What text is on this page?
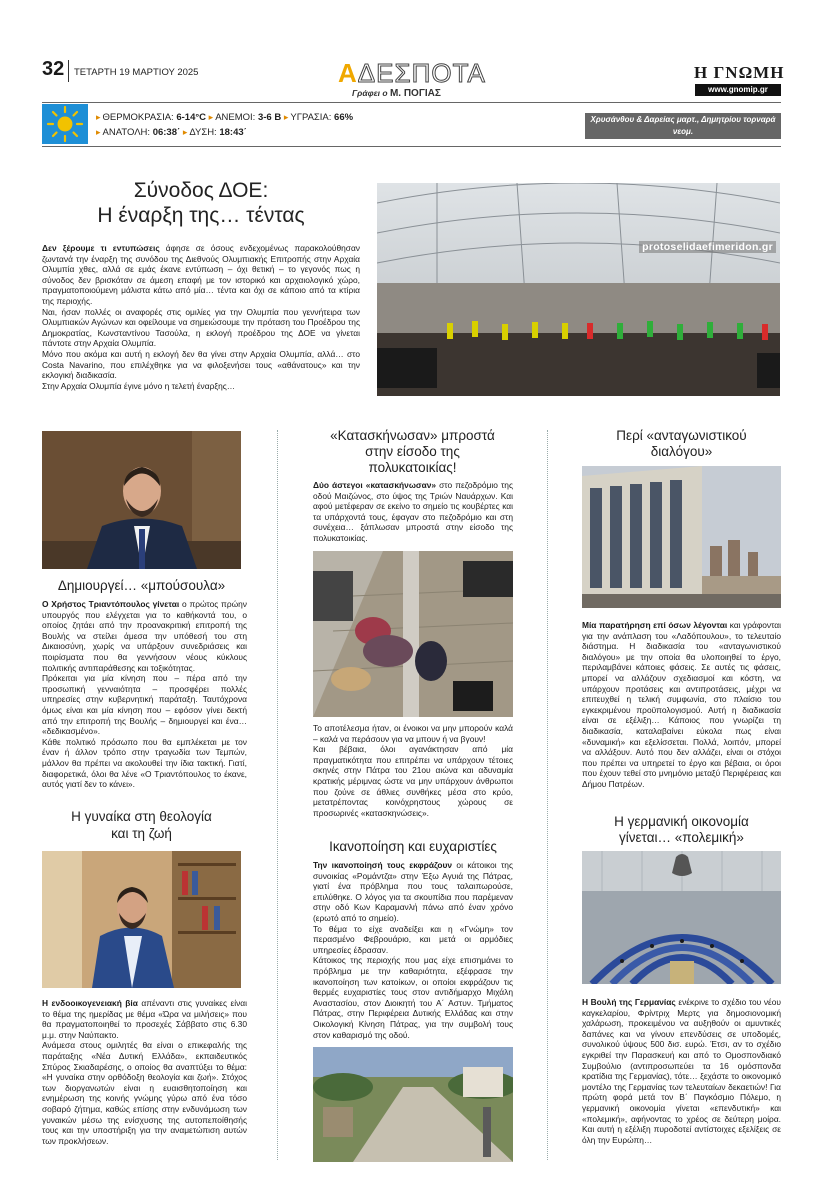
32 ΤΕΤΑΡΤΗ 19 ΜΑΡΤΙΟΥ 2025	ΑΔΕΣΠΟΤΑ
Γράφει ο Μ. ΠΟΓΙΑΣ
Η ΓΝΩΜΗ
www.gnomip.gr
▸ ΘΕΡΜΟΚΡΑΣΙΑ: 6-14°C ▸ ΑΝΕΜΟΙ: 3-6 Β ▸ ΥΓΡΑΣΙΑ: 66%
▸ ΑΝΑΤΟΛΗ: 06:38΄ ▸ ΔΥΣΗ: 18:43΄
Χρυσάνθου & Δαρείας μαρτ., Δημητρίου τορναρά νεομ.
Σύνοδος ΔΟΕ:
Η έναρξη της… τέντας

Δεν ξέρουμε τι εντυπώσεις άφησε σε όσους ενδεχομένως παρακολούθησαν ζωντανά την έναρξη της συνόδου της Διεθνούς Ολυμπιακής Επιτροπής στην Αρχαία Ολυμπία χθες, αλλά σε εμάς έκανε εντύπωση – όχι θετική – το γεγονός πως η σύνοδος δεν βρισκόταν σε άμεση επαφή με τον ιστορικό και αρχαιολογικό χώρο, πραγματοποιούμενη μάλιστα κάτω από μία… τέντα και όχι σε κάποιο από τα κτίρια της περιοχής.

Ναι, ήσαν πολλές οι αναφορές στις ομιλίες για την Ολυμπία που γεννήτειρα των Ολυμπιακών Αγώνων και οφείλουμε να σημειώσουμε την πρόταση του Προέδρου της Δημοκρατίας, Κωνσταντίνου Τασούλα, η εκλογή προέδρου της ΔΟΕ να γίνεται πάντοτε στην Αρχαία Ολυμπία.

Μόνο που ακόμα και αυτή η εκλογή δεν θα γίνει στην Αρχαία Ολυμπία, αλλά… στο Costa Navarino, που επιλέχθηκε για να φιλοξενήσει τους «αθάνατους» και την εκλογική διαδικασία.

Στην Αρχαία Ολυμπία έγινε μόνο η τελετή έναρξης…

protoselidaefimeridon.gr
Δημιουργεί… «μπούσουλα»

Ο Χρήστος Τριαντόπουλος γίνεται ο πρώτος πρώην υπουργός που ελέγχεται για το καθήκοντά του, ο οποίος ζητάει από την προανακριτική επιτροπή της Βουλής να στείλει άμεσα την υπόθεσή του στη Δικαιοσύνη, χωρίς να υπάρξουν συνεδριάσεις και ποιρίσματα που θα γεννήσουν νέους κύκλους πολιτικής αντιπαράθεσης και τοξικότητας.

Πρόκειται για μία κίνηση που – πέρα από την προσωπική γενναιότητα – προσφέρει πολλές υπηρεσίες στην κυβερνητική παράταξη. Ταυτόχρονα όμως είναι και μία κίνηση που – εφόσον γίνει δεκτή από την επιτροπή της Βουλής – δημιουργεί και ένα… «δεδικασμένο».

Κάθε πολιτικό πρόσωπο που θα εμπλέκεται με τον έναν ή άλλον τρόπο στην τραγωδία των Τεμπών, μάλλον θα πρέπει να ακολουθεί την ίδια τακτική. Γιατί, διαφορετικά, όλοι θα λένε «Ο Τριαντόπουλος το έκανε, αυτός γιατί δεν το κάνει».

Η γυναίκα στη θεολογία
και τη ζωή

Η ενδοοικογενειακή βία απέναντι στις γυναίκες είναι το θέμα της ημερίδας με θέμα «Ώρα να μιλήσεις» που θα πραγματοποιηθεί το προσεχές Σάββατο στις 6.30 μ.μ. στην Ναύπακτο.

Ανάμεσα στους ομιλητές θα είναι ο επικεφαλής της παράταξης «Νέα Δυτική Ελλάδα», εκπαιδευτικός Σπύρος Σκιαδαρέσης, ο οποίος θα αναπτύξει το θέμα: «Η γυναίκα στην ορθόδοξη θεολογία και ζωή». Στόχος των διοργανωτών είναι η ευαισθητοποίηση και ενημέρωση της κοινής γνώμης γύρω από ένα τόσο σοβαρό ζήτημα, καθώς επίσης στην ενδυνάμωση των γυναικών μέσω της ενίσχυσης της αυτοπεποίθησής τους και την υποστήριξη για την αναμετώπιση αυτών των προκλήσεων.

«Κατασκήνωσαν» μπροστά
στην είσοδο της
πολυκατοικίας!

Δύο άστεγοι «κατασκήνωσαν» στο πεζοδρόμιο της οδού Μαιζώνος, στο ύψος της Τριών Ναυάρχων. Και αφού μετέφεραν σε εκείνο το σημείο τις κουβέρτες και τα υπάρχοντά τους, έφαγαν στο πεζοδρόμιο και στη συνέχεια… ξάπλωσαν μπροστά στην είσοδο της πολυκατοικίας.

Το αποτέλεσμα ήταν, οι ένοικοι να μην μπορούν καλά – καλά να περάσουν για να μπουν ή να βγουν!

Και βέβαια, όλοι αγανάκτησαν από μία πραγματικότητα που επιτρέπει να υπάρχουν τέτοιες σκηνές στην Πάτρα του 21ου αιώνα και αδυναμία κρατικής μέριμνας ώστε να μην υπάρχουν άνθρωποι που ζούνε σε άθλιες συνθήκες μέσα στο κρύο, μετατρέποντας κοινόχρηστους χώρους σε προσωρινές «κατασκηνώσεις».

Ικανοποίηση και ευχαριστίες

Την ικανοποίησή τους εκφράζουν οι κάτοικοι της συνοικίας «Ρομάντζα» στην Έξω Αγυιά της Πάτρας, γιατί ένα πρόβλημα που τους ταλαιπωρούσε, επιλύθηκε. Ο λόγος για τα σκουπίδια που παρέμεναν στην οδό Κων Καραμανλή πάνω από έναν χρόνο (ερωτό από το σημείο).

Το θέμα το είχε αναδείξει και η «Γνώμη» τον περασμένο Φεβρουάριο, και μετά οι αρμόδιες υπηρεσίες έδρασαν.

Κάτοικος της περιοχής που μας είχε επισημάνει το πρόβλημα με την καθαριότητα, εξέφρασε την ικανοποίηση των κατοίκων, οι οποίοι εκφράζουν τις θερμές ευχαριστίες τους στον αντιδήμαρχο Μιχάλη Αναστασίου, στον Διοικητή του Α΄ Αστυν. Τμήματος Πάτρας, στην Περιφέρεια Δυτικής Ελλάδας και στην Οικολογική Κίνηση Πάτρας, για την συμβολή τους στον καθαρισμό της οδού.

Περί «ανταγωνιστικού
διαλόγου»

Μία παρατήρηση επί όσων λέγονται και γράφονται για την ανάπλαση του «Λαδόπουλου», το τελευταίο διάστημα. Η διαδικασία του «ανταγωνιστικού διαλόγου» με την οποία θα υλοποιηθεί το έργο, περιλαμβάνει κάποιες φάσεις. Σε αυτές τις φάσεις, μπορεί να αλλάζουν σχεδιασμοί και κόστη, να υπάρχουν προτάσεις και αντιπροτάσεις, μέχρι να επιτευχθεί η τελική συμφωνία, στο πλαίσιο του εγκεκριμένου προϋπολογισμού. Αυτή η διαδικασία είναι σε εξέλιξη… Κάποιος που γνωρίζει τη διαδικασία, καταλαβαίνει εύκολα πως είναι «δυναμική» και εξελίσσεται. Πολλά, λοιπόν, μπορεί να αλλάξουν. Αυτό που δεν αλλάζει, είναι οι στόχοι που πρέπει να υπηρετεί το έργο και βέβαια, οι όροι που έχουν τεθεί στο μνημόνιο μεταξύ Περιφέρειας και Δήμου Πατρέων.

Η γερμανική οικονομία
γίνεται… «πολεμική»

Η Βουλή της Γερμανίας ενέκρινε το σχέδιο του νέου καγκελαρίου, Φρίντριχ Μερτς για δημοσιονομική χαλάρωση, προκειμένου να αυξηθούν οι αμυντικές δαπάνες και να γίνουν επενδύσεις σε υποδομές, συνολικού ύψους 500 δισ. ευρώ. Έτσι, αν το σχέδιο εγκριθεί την Παρασκευή και από το Ομοσπονδιακό Συμβούλιο (αντιπροσωπεύει τα 16 ομόσπονδα κρατίδια της Γερμανίας), τότε… ξεχάστε το οικονομικό μοντέλο της Γερμανίας των τελευταίων δεκαετιών! Για πρώτη φορά μετά τον Β΄ Παγκόσμιο Πόλεμο, η γερμανική οικονομία γίνεται «επενδυτική» και «πολεμική», αφήνοντας το χρέος σε δεύτερη μοίρα. Και αυτή η εξέλιξη πυροδοτεί αντίστοιχες εξελίξεις σε όλη την Ευρώπη…
